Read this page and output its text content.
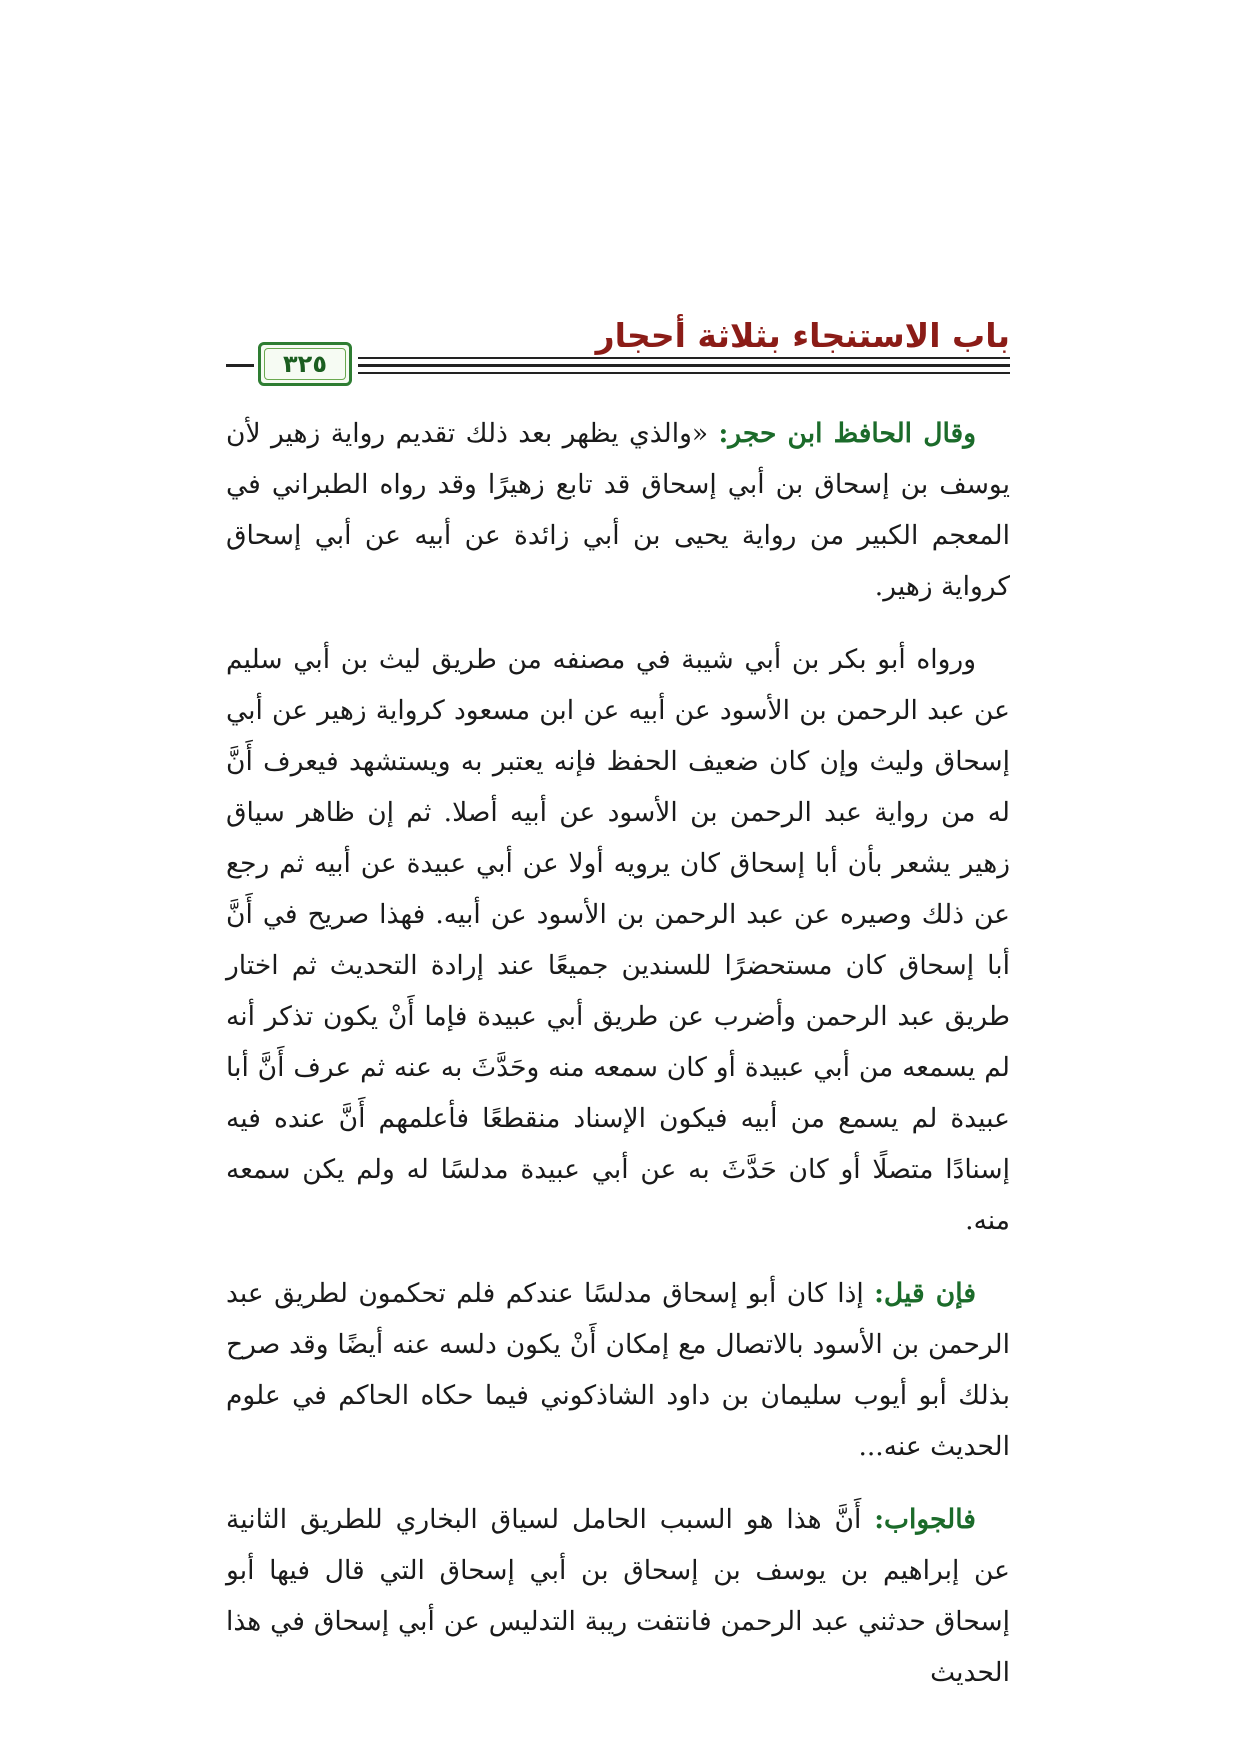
باب الاستنجاء بثلاثة أحجار
٣٢٥

وقال الحافظ ابن حجر: «والذي يظهر بعد ذلك تقديم رواية زهير لأن يوسف بن إسحاق بن أبي إسحاق قد تابع زهيرًا وقد رواه الطبراني في المعجم الكبير من رواية يحيى بن أبي زائدة عن أبيه عن أبي إسحاق كرواية زهير.

ورواه أبو بكر بن أبي شيبة في مصنفه من طريق ليث بن أبي سليم عن عبد الرحمن بن الأسود عن أبيه عن ابن مسعود كرواية زهير عن أبي إسحاق وليث وإن كان ضعيف الحفظ فإنه يعتبر به ويستشهد فيعرف أَنَّ له من رواية عبد الرحمن بن الأسود عن أبيه أصلا. ثم إن ظاهر سياق زهير يشعر بأن أبا إسحاق كان يرويه أولا عن أبي عبيدة عن أبيه ثم رجع عن ذلك وصيره عن عبد الرحمن بن الأسود عن أبيه. فهذا صريح في أَنَّ أبا إسحاق كان مستحضرًا للسندين جميعًا عند إرادة التحديث ثم اختار طريق عبد الرحمن وأضرب عن طريق أبي عبيدة فإما أَنْ يكون تذكر أنه لم يسمعه من أبي عبيدة أو كان سمعه منه وحَدَّثَ به عنه ثم عرف أَنَّ أبا عبيدة لم يسمع من أبيه فيكون الإسناد منقطعًا فأعلمهم أَنَّ عنده فيه إسنادًا متصلًا أو كان حَدَّثَ به عن أبي عبيدة مدلسًا له ولم يكن سمعه منه.

فإن قيل: إذا كان أبو إسحاق مدلسًا عندكم فلم تحكمون لطريق عبد الرحمن بن الأسود بالاتصال مع إمكان أَنْ يكون دلسه عنه أيضًا وقد صرح بذلك أبو أيوب سليمان بن داود الشاذكوني فيما حكاه الحاكم في علوم الحديث عنه...

فالجواب: أَنَّ هذا هو السبب الحامل لسياق البخاري للطريق الثانية عن إبراهيم بن يوسف بن إسحاق بن أبي إسحاق التي قال فيها أبو إسحاق حدثني عبد الرحمن فانتفت ريبة التدليس عن أبي إسحاق في هذا الحديث
